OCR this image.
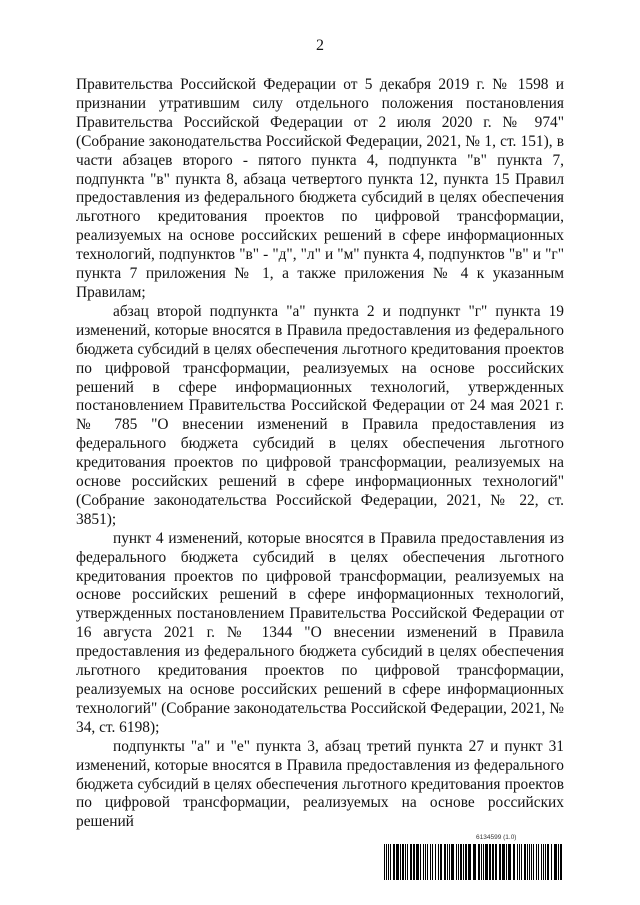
2

Правительства Российской Федерации от 5 декабря 2019 г. № 1598 и признании утратившим силу отдельного положения постановления Правительства Российской Федерации от 2 июля 2020 г. № 974" (Собрание законодательства Российской Федерации, 2021, № 1, ст. 151), в части абзацев второго - пятого пункта 4, подпункта "в" пункта 7, подпункта "в" пункта 8, абзаца четвертого пункта 12, пункта 15 Правил предоставления из федерального бюджета субсидий в целях обеспечения льготного кредитования проектов по цифровой трансформации, реализуемых на основе российских решений в сфере информационных технологий, подпунктов "в" - "д", "л" и "м" пункта 4, подпунктов "в" и "г" пункта 7 приложения № 1, а также приложения № 4 к указанным Правилам;

абзац второй подпункта "а" пункта 2 и подпункт "г" пункта 19 изменений, которые вносятся в Правила предоставления из федерального бюджета субсидий в целях обеспечения льготного кредитования проектов по цифровой трансформации, реализуемых на основе российских решений в сфере информационных технологий, утвержденных постановлением Правительства Российской Федерации от 24 мая 2021 г. № 785 "О внесении изменений в Правила предоставления из федерального бюджета субсидий в целях обеспечения льготного кредитования проектов по цифровой трансформации, реализуемых на основе российских решений в сфере информационных технологий" (Собрание законодательства Российской Федерации, 2021, № 22, ст. 3851);

пункт 4 изменений, которые вносятся в Правила предоставления из федерального бюджета субсидий в целях обеспечения льготного кредитования проектов по цифровой трансформации, реализуемых на основе российских решений в сфере информационных технологий, утвержденных постановлением Правительства Российской Федерации от 16 августа 2021 г. № 1344 "О внесении изменений в Правила предоставления из федерального бюджета субсидий в целях обеспечения льготного кредитования проектов по цифровой трансформации, реализуемых на основе российских решений в сфере информационных технологий" (Собрание законодательства Российской Федерации, 2021, № 34, ст. 6198);

подпункты "а" и "е" пункта 3, абзац третий пункта 27 и пункт 31 изменений, которые вносятся в Правила предоставления из федерального бюджета субсидий в целях обеспечения льготного кредитования проектов по цифровой трансформации, реализуемых на основе российских решений

6134599 (1.0)
